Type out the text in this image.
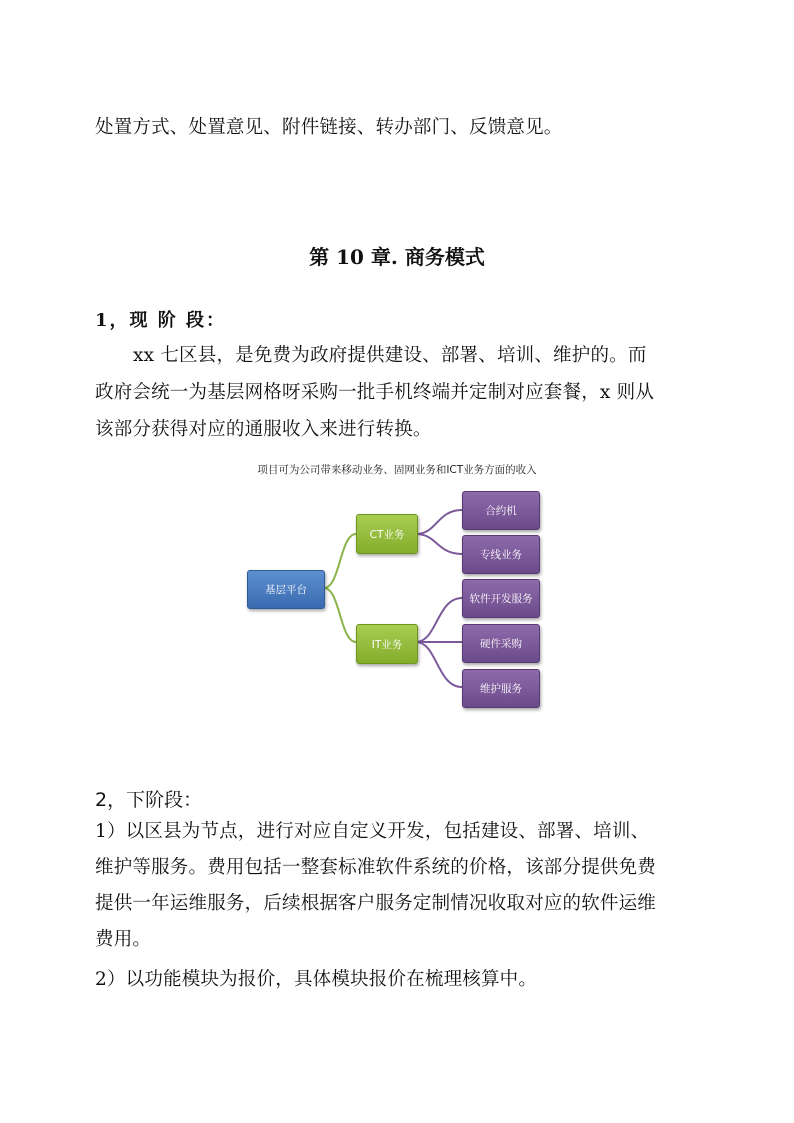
处置方式、处置意见、附件链接、转办部门、反馈意见。
第 10 章. 商务模式
1，现 阶 段：
xx 七区县，是免费为政府提供建设、部署、培训、维护的。而
政府会统一为基层网格呀采购一批手机终端并定制对应套餐，x 则从
该部分获得对应的通服收入来进行转换。
项目可为公司带来移动业务、固网业务和ICT业务方面的收入
基层平台
CT业务
IT业务
合约机
专线业务
软件开发服务
硬件采购
维护服务
2，下阶段：
1）以区县为节点，进行对应自定义开发，包括建设、部署、培训、
维护等服务。费用包括一整套标准软件系统的价格，该部分提供免费
提供一年运维服务，后续根据客户服务定制情况收取对应的软件运维
费用。
2）以功能模块为报价，具体模块报价在梳理核算中。
